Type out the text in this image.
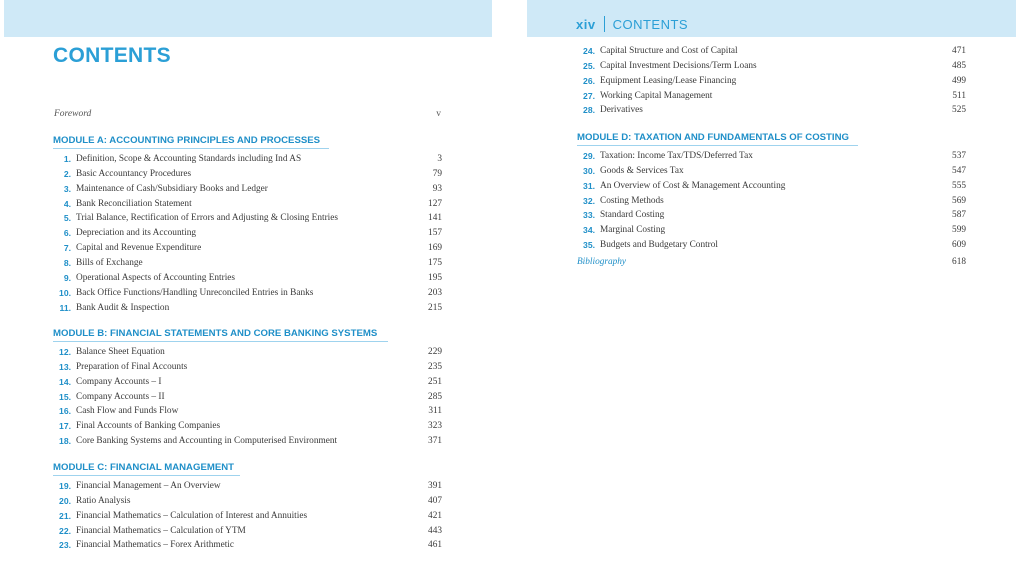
CONTENTS
Foreword	v
xiv CONTENTS
MODULE A: ACCOUNTING PRINCIPLES AND PROCESSES
MODULE B: FINANCIAL STATEMENTS AND CORE BANKING SYSTEMS
MODULE C: FINANCIAL MANAGEMENT
MODULE D: TAXATION AND FUNDAMENTALS OF COSTING
1. Definition, Scope & Accounting Standards including Ind AS	3
2. Basic Accountancy Procedures	79
3. Maintenance of Cash/Subsidiary Books and Ledger	93
4. Bank Reconciliation Statement	127
5. Trial Balance, Rectification of Errors and Adjusting & Closing Entries	141
6. Depreciation and its Accounting	157
7. Capital and Revenue Expenditure	169
8. Bills of Exchange	175
9. Operational Aspects of Accounting Entries	195
10. Back Office Functions/Handling Unreconciled Entries in Banks	203
11. Bank Audit & Inspection	215
12. Balance Sheet Equation	229
13. Preparation of Final Accounts	235
14. Company Accounts – I	251
15. Company Accounts – II	285
16. Cash Flow and Funds Flow	311
17. Final Accounts of Banking Companies	323
18. Core Banking Systems and Accounting in Computerised Environment	371
19. Financial Management – An Overview	391
20. Ratio Analysis	407
21. Financial Mathematics – Calculation of Interest and Annuities	421
22. Financial Mathematics – Calculation of YTM	443
23. Financial Mathematics – Forex Arithmetic	461
24. Capital Structure and Cost of Capital	471
25. Capital Investment Decisions/Term Loans	485
26. Equipment Leasing/Lease Financing	499
27. Working Capital Management	511
28. Derivatives	525
29. Taxation: Income Tax/TDS/Deferred Tax	537
30. Goods & Services Tax	547
31. An Overview of Cost & Management Accounting	555
32. Costing Methods	569
33. Standard Costing	587
34. Marginal Costing	599
35. Budgets and Budgetary Control	609
Bibliography	618
